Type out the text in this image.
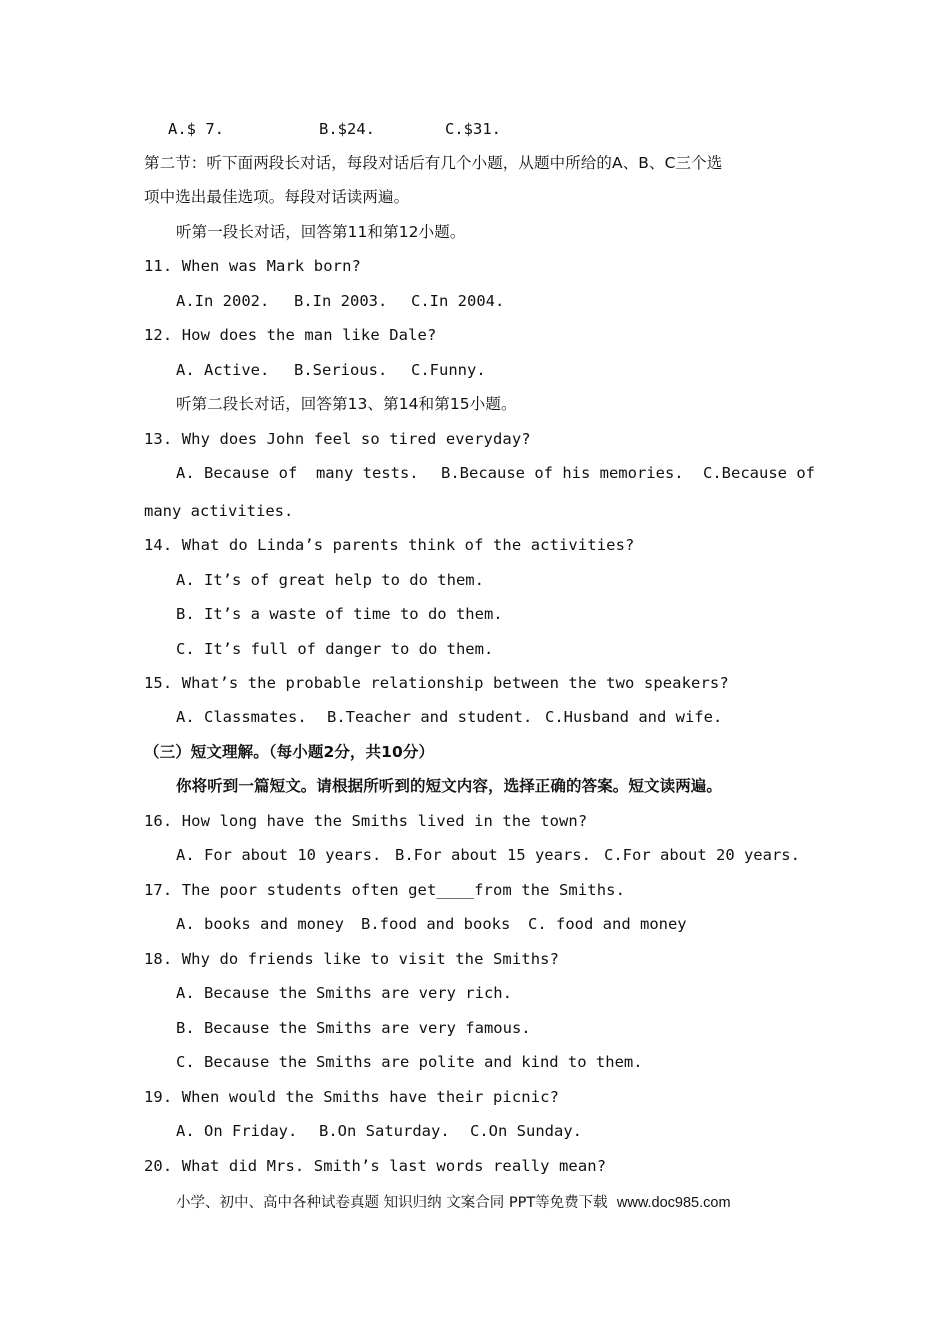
A.$ 7.	B.$24.	C.$31.
第二节：听下面两段长对话，每段对话后有几个小题，从题中所给的A、B、C三个选
项中选出最佳选项。每段对话读两遍。
听第一段长对话，回答第11和第12小题。
11. When was Mark born?
A.In 2002. B.In 2003. C.In 2004.
12. How does the man like Dale?
A. Active. B.Serious. C.Funny.
听第二段长对话，回答第13、第14和第15小题。
13. Why does John feel so tired everyday?
A. Because of  many tests. B.Because of his memories. C.Because of
many activities.
14. What do Linda’s parents think of the activities?
A. It’s of great help to do them.
B. It’s a waste of time to do them.
C. It’s full of danger to do them.
15. What’s the probable relationship between the two speakers?
A. Classmates. B.Teacher and student. C.Husband and wife.
（三）短文理解。（每小题2分，共10分）
你将听到一篇短文。请根据所听到的短文内容，选择正确的答案。短文读两遍。
16. How long have the Smiths lived in the town?
A. For about 10 years. B.For about 15 years. C.For about 20 years.
17. The poor students often get____from the Smiths.
A. books and money B.food and books C. food and money
18. Why do friends like to visit the Smiths?
A. Because the Smiths are very rich.
B. Because the Smiths are very famous.
C. Because the Smiths are polite and kind to them.
19. When would the Smiths have their picnic?
A. On Friday. B.On Saturday. C.On Sunday.
20. What did Mrs. Smith’s last words really mean?
小学、初中、高中各种试卷真题 知识归纳 文案合同 PPT等免费下载  www.doc985.com
